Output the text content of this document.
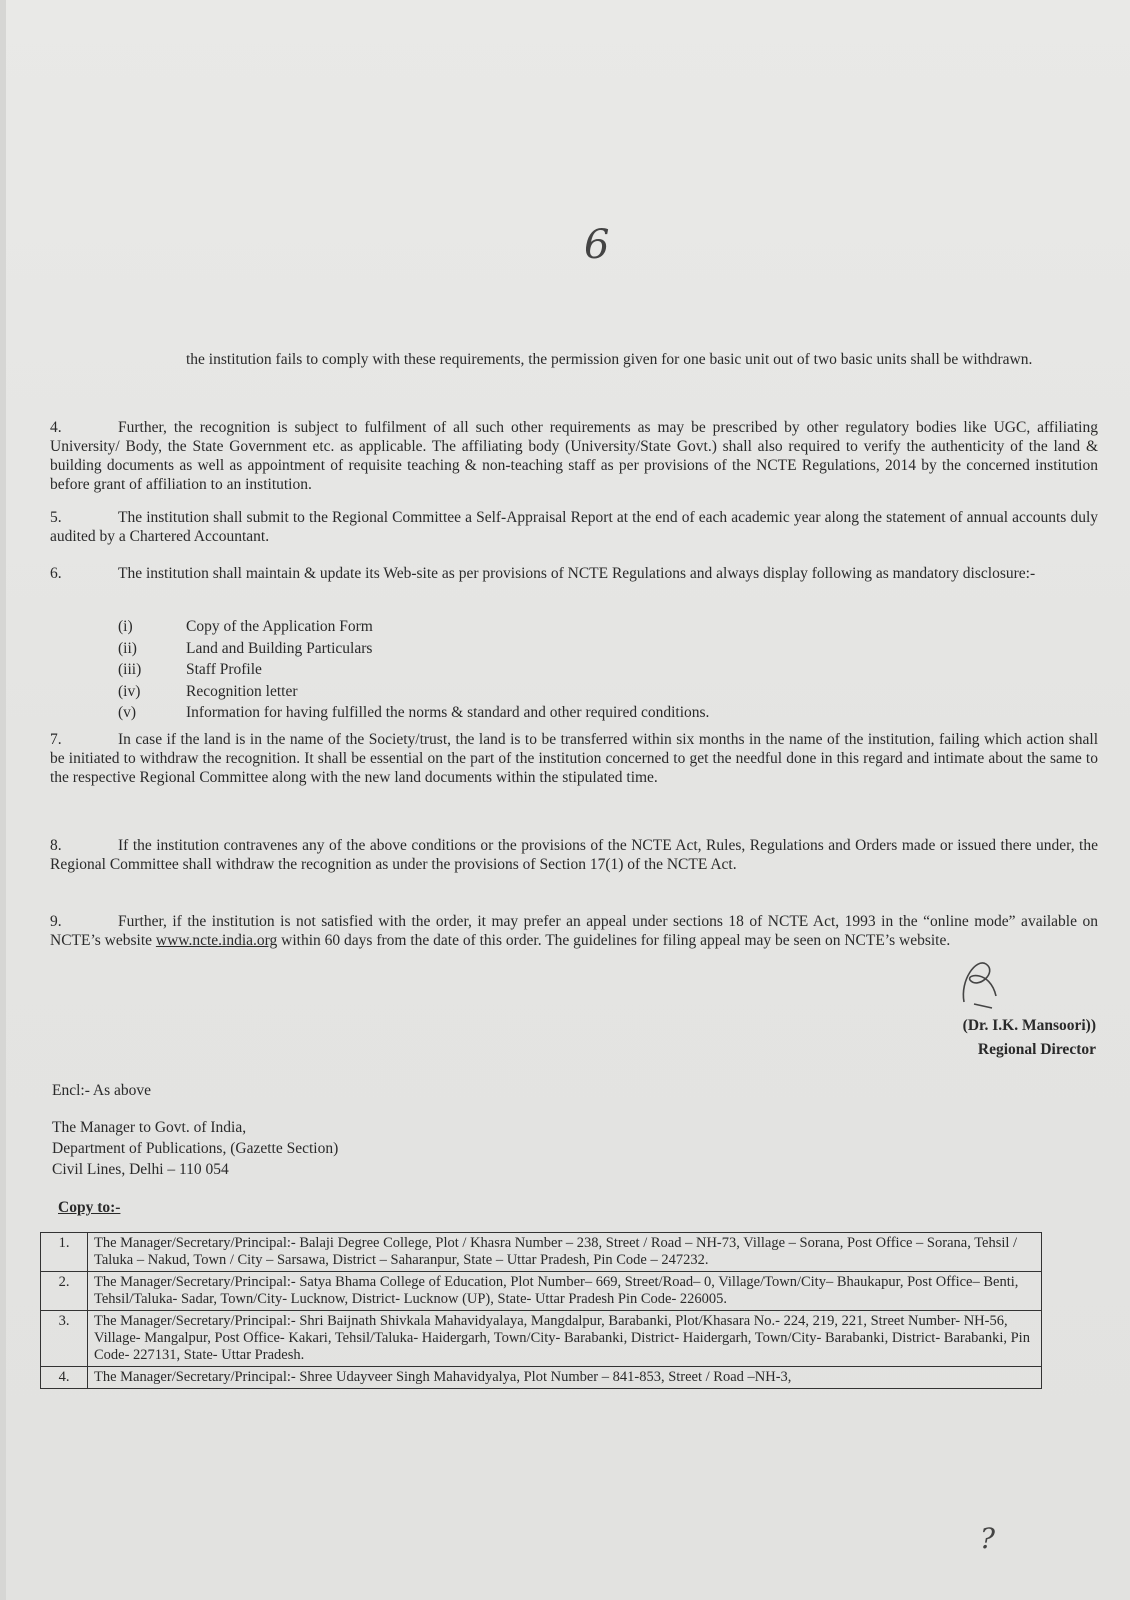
6
the institution fails to comply with these requirements, the permission given for one basic unit out of two basic units shall be withdrawn.
4.	Further, the recognition is subject to fulfilment of all such other requirements as may be prescribed by other regulatory bodies like UGC, affiliating University/ Body, the State Government etc. as applicable. The affiliating body (University/State Govt.) shall also required to verify the authenticity of the land & building documents as well as appointment of requisite teaching & non-teaching staff as per provisions of the NCTE Regulations, 2014 by the concerned institution before grant of affiliation to an institution.
5.	The institution shall submit to the Regional Committee a Self-Appraisal Report at the end of each academic year along the statement of annual accounts duly audited by a Chartered Accountant.
6.	The institution shall maintain & update its Web-site as per provisions of NCTE Regulations and always display following as mandatory disclosure:-
(i)	Copy of the Application Form
(ii)	Land and Building Particulars
(iii)	Staff Profile
(iv)	Recognition letter
(v)	Information for having fulfilled the norms & standard and other required conditions.
7.	In case if the land is in the name of the Society/trust, the land is to be transferred within six months in the name of the institution, failing which action shall be initiated to withdraw the recognition. It shall be essential on the part of the institution concerned to get the needful done in this regard and intimate about the same to the respective Regional Committee along with the new land documents within the stipulated time.
8.	If the institution contravenes any of the above conditions or the provisions of the NCTE Act, Rules, Regulations and Orders made or issued there under, the Regional Committee shall withdraw the recognition as under the provisions of Section 17(1) of the NCTE Act.
9.	Further, if the institution is not satisfied with the order, it may prefer an appeal under sections 18 of NCTE Act, 1993 in the “online mode” available on NCTE’s website www.ncte.india.org within 60 days from the date of this order. The guidelines for filing appeal may be seen on NCTE’s website.
(Dr. I.K. Mansoori))
Regional Director
Encl:- As above
The Manager to Govt. of India,
Department of Publications, (Gazette Section)
Civil Lines, Delhi – 110 054
Copy to:-
1.	The Manager/Secretary/Principal:- Balaji Degree College, Plot / Khasra Number – 238, Street / Road – NH-73, Village – Sorana, Post Office – Sorana, Tehsil / Taluka – Nakud, Town / City – Sarsawa, District – Saharanpur, State – Uttar Pradesh, Pin Code – 247232.
2.	The Manager/Secretary/Principal:- Satya Bhama College of Education, Plot Number– 669, Street/Road– 0, Village/Town/City– Bhaukapur, Post Office– Benti, Tehsil/Taluka- Sadar, Town/City- Lucknow, District- Lucknow (UP), State- Uttar Pradesh Pin Code- 226005.
3.	The Manager/Secretary/Principal:- Shri Baijnath Shivkala Mahavidyalaya, Mangdalpur, Barabanki, Plot/Khasara No.- 224, 219, 221, Street Number- NH-56, Village- Mangalpur, Post Office- Kakari, Tehsil/Taluka- Haidergarh, Town/City- Barabanki, District- Haidergarh, Town/City- Barabanki, District- Barabanki, Pin Code- 227131, State- Uttar Pradesh.
4.	The Manager/Secretary/Principal:- Shree Udayveer Singh Mahavidyalya, Plot Number – 841-853, Street / Road –NH-3,
?
